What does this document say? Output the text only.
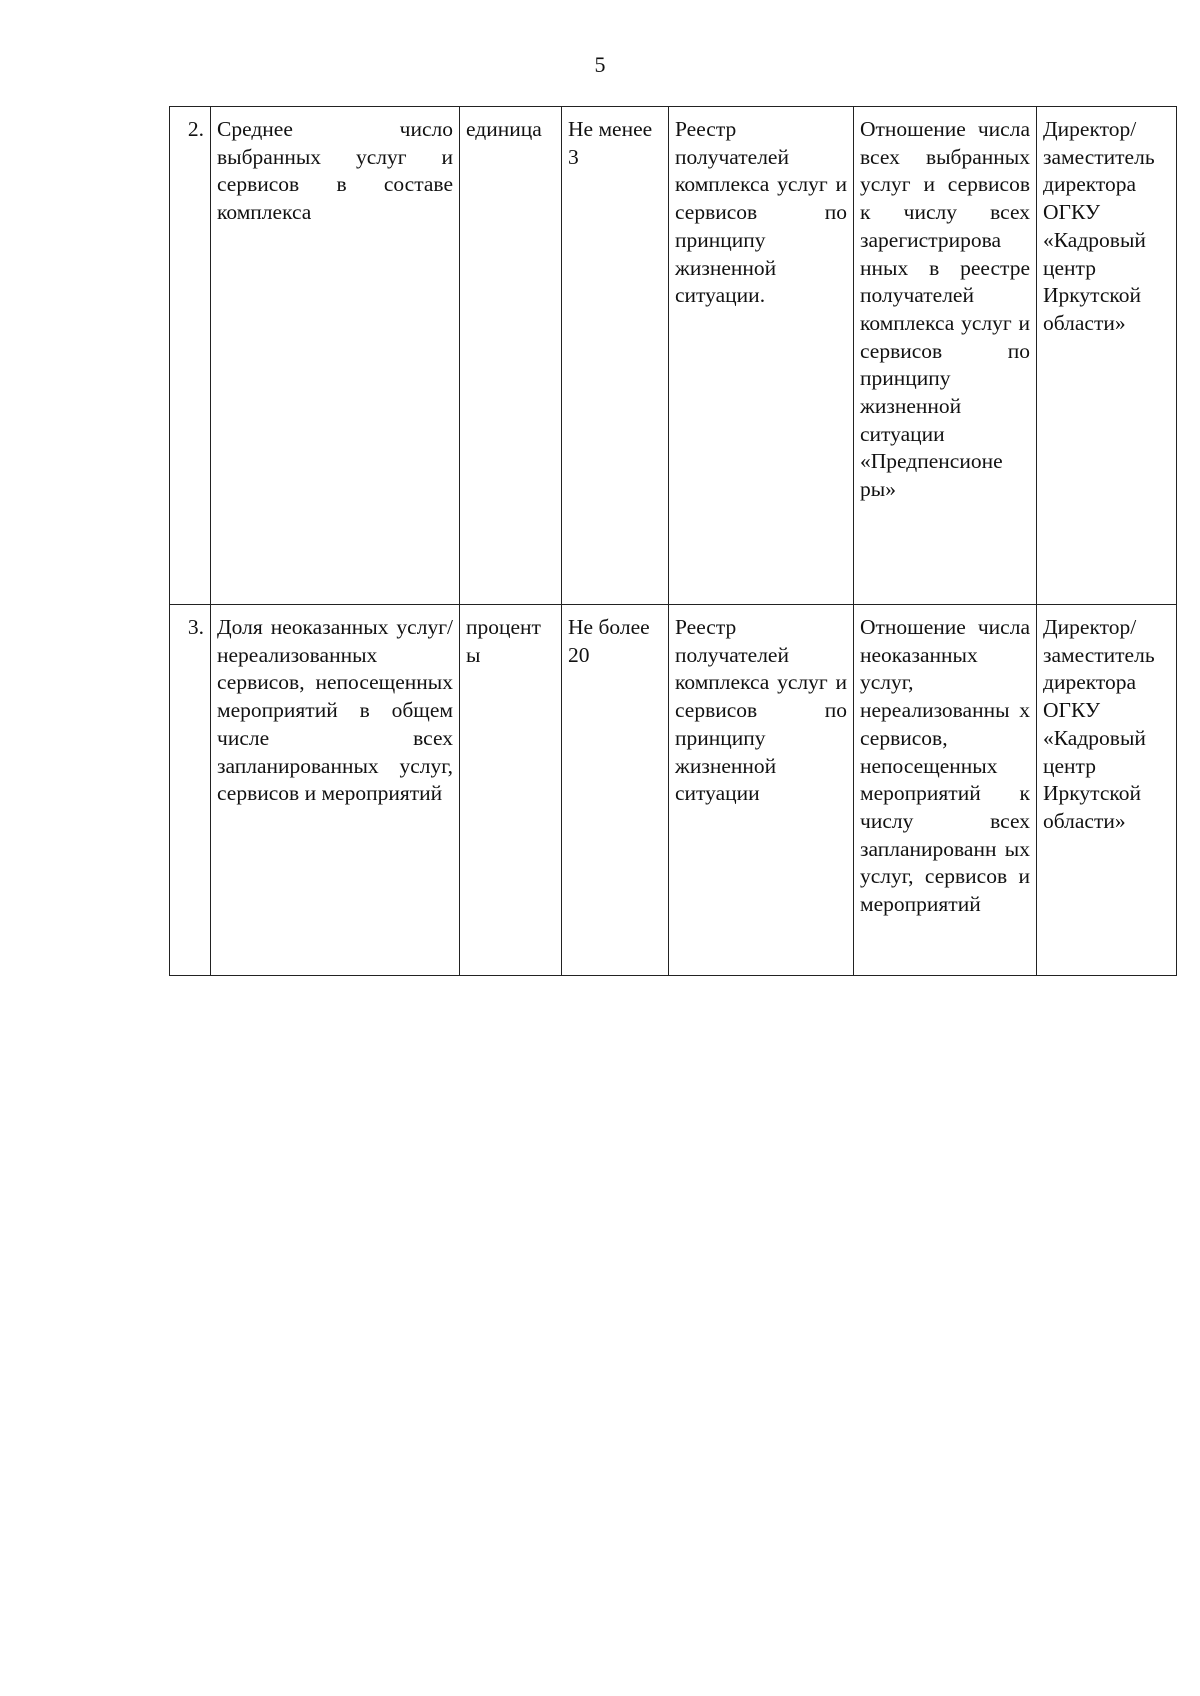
5
2.	Среднее число выбранных услуг и сервисов в составе комплекса	единица	Не менее 3	Реестр получателей комплекса услуг и сервисов по принципу жизненной ситуации.	Отношение числа всех выбранных услуг и сервисов к числу всех зарегистрирова нных в реестре получателей комплекса услуг и сервисов по принципу жизненной ситуации «Предпенсионе ры»	Директор/ заместитель директора ОГКУ «Кадровый центр Иркутской области»
3.	Доля неоказанных услуг/ нереализованных сервисов, непосещенных мероприятий в общем числе всех запланированных услуг, сервисов и мероприятий	процент ы	Не более 20	Реестр получателей комплекса услуг и сервисов по принципу жизненной ситуации	Отношение числа неоказанных услуг, нереализованны х сервисов, непосещенных мероприятий к числу всех запланированн ых услуг, сервисов и мероприятий	Директор/ заместитель директора ОГКУ «Кадровый центр Иркутской области»
